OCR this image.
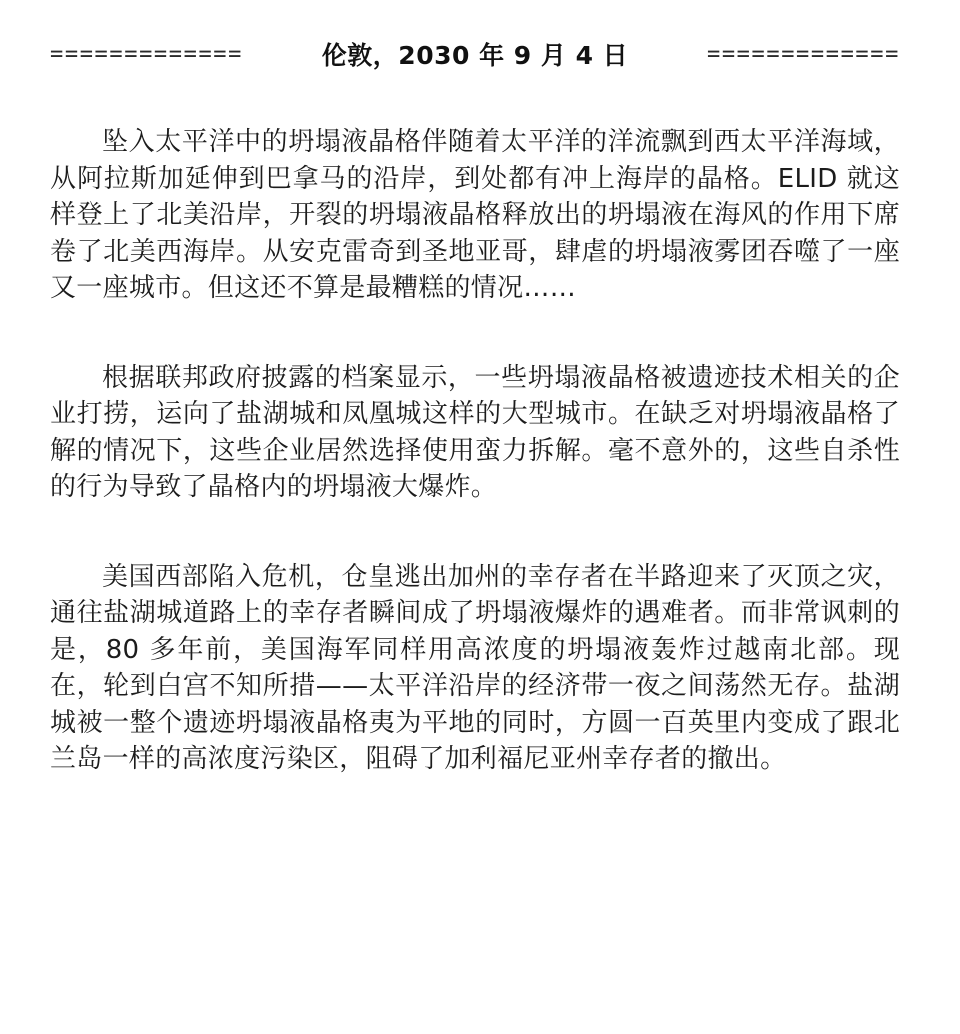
=============	伦敦，2030 年 9 月 4 日	=============

坠入太平洋中的坍塌液晶格伴随着太平洋的洋流飘到西太平洋海域，从阿拉斯加延伸到巴拿马的沿岸，到处都有冲上海岸的晶格。ELID 就这样登上了北美沿岸，开裂的坍塌液晶格释放出的坍塌液在海风的作用下席卷了北美西海岸。从安克雷奇到圣地亚哥，肆虐的坍塌液雾团吞噬了一座又一座城市。但这还不算是最糟糕的情况……

根据联邦政府披露的档案显示，一些坍塌液晶格被遗迹技术相关的企业打捞，运向了盐湖城和凤凰城这样的大型城市。在缺乏对坍塌液晶格了解的情况下，这些企业居然选择使用蛮力拆解。毫不意外的，这些自杀性的行为导致了晶格内的坍塌液大爆炸。

美国西部陷入危机，仓皇逃出加州的幸存者在半路迎来了灭顶之灾，通往盐湖城道路上的幸存者瞬间成了坍塌液爆炸的遇难者。而非常讽刺的是，80 多年前，美国海军同样用高浓度的坍塌液轰炸过越南北部。现在，轮到白宫不知所措——太平洋沿岸的经济带一夜之间荡然无存。盐湖城被一整个遗迹坍塌液晶格夷为平地的同时，方圆一百英里内变成了跟北兰岛一样的高浓度污染区，阻碍了加利福尼亚州幸存者的撤出。
